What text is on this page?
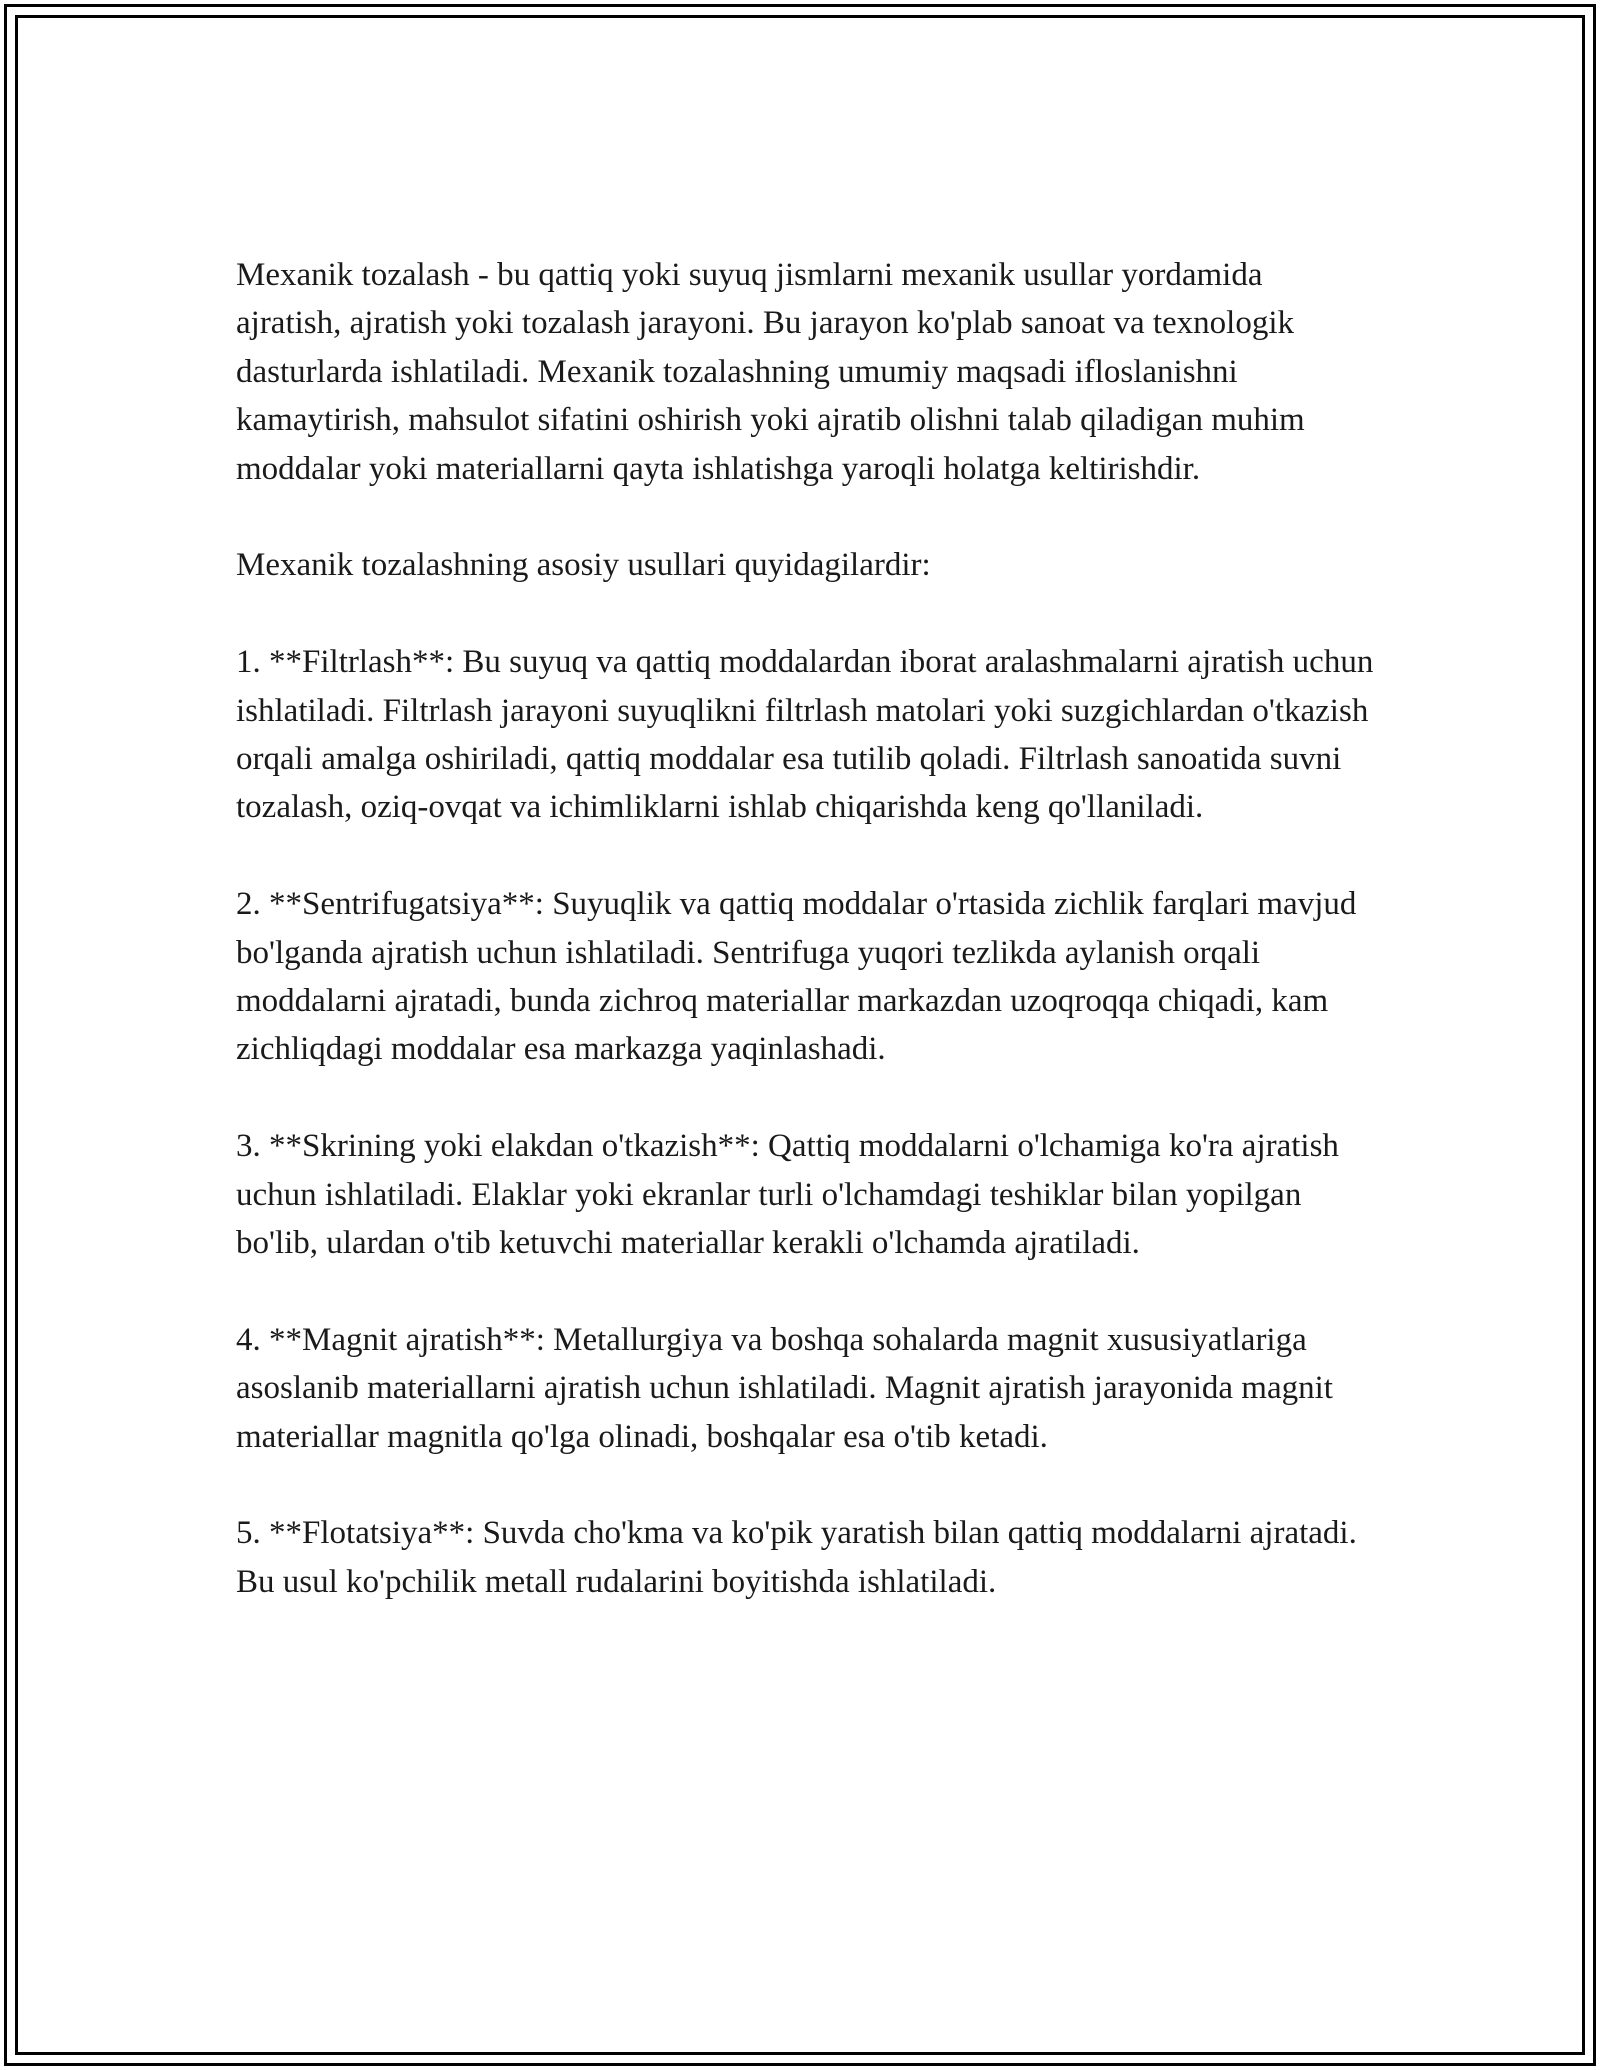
Mexanik tozalash - bu qattiq yoki suyuq jismlarni mexanik usullar yordamida ajratish, ajratish yoki tozalash jarayoni. Bu jarayon ko'plab sanoat va texnologik dasturlarda ishlatiladi. Mexanik tozalashning umumiy maqsadi ifloslanishni kamaytirish, mahsulot sifatini oshirish yoki ajratib olishni talab qiladigan muhim moddalar yoki materiallarni qayta ishlatishga yaroqli holatga keltirishdir.

Mexanik tozalashning asosiy usullari quyidagilardir:

1. **Filtrlash**: Bu suyuq va qattiq moddalardan iborat aralashmalarni ajratish uchun ishlatiladi. Filtrlash jarayoni suyuqlikni filtrlash matolari yoki suzgichlardan o'tkazish orqali amalga oshiriladi, qattiq moddalar esa tutilib qoladi. Filtrlash sanoatida suvni tozalash, oziq-ovqat va ichimliklarni ishlab chiqarishda keng qo'llaniladi.

2. **Sentrifugatsiya**: Suyuqlik va qattiq moddalar o'rtasida zichlik farqlari mavjud bo'lganda ajratish uchun ishlatiladi. Sentrifuga yuqori tezlikda aylanish orqali moddalarni ajratadi, bunda zichroq materiallar markazdan uzoqroqqa chiqadi, kam zichliqdagi moddalar esa markazga yaqinlashadi.

3. **Skrining yoki elakdan o'tkazish**: Qattiq moddalarni o'lchamiga ko'ra ajratish uchun ishlatiladi. Elaklar yoki ekranlar turli o'lchamdagi teshiklar bilan yopilgan bo'lib, ulardan o'tib ketuvchi materiallar kerakli o'lchamda ajratiladi.

4. **Magnit ajratish**: Metallurgiya va boshqa sohalarda magnit xususiyatlariga asoslanib materiallarni ajratish uchun ishlatiladi. Magnit ajratish jarayonida magnit materiallar magnitla qo'lga olinadi, boshqalar esa o'tib ketadi.

5. **Flotatsiya**: Suvda cho'kma va ko'pik yaratish bilan qattiq moddalarni ajratadi. Bu usul ko'pchilik metall rudalarini boyitishda ishlatiladi.
